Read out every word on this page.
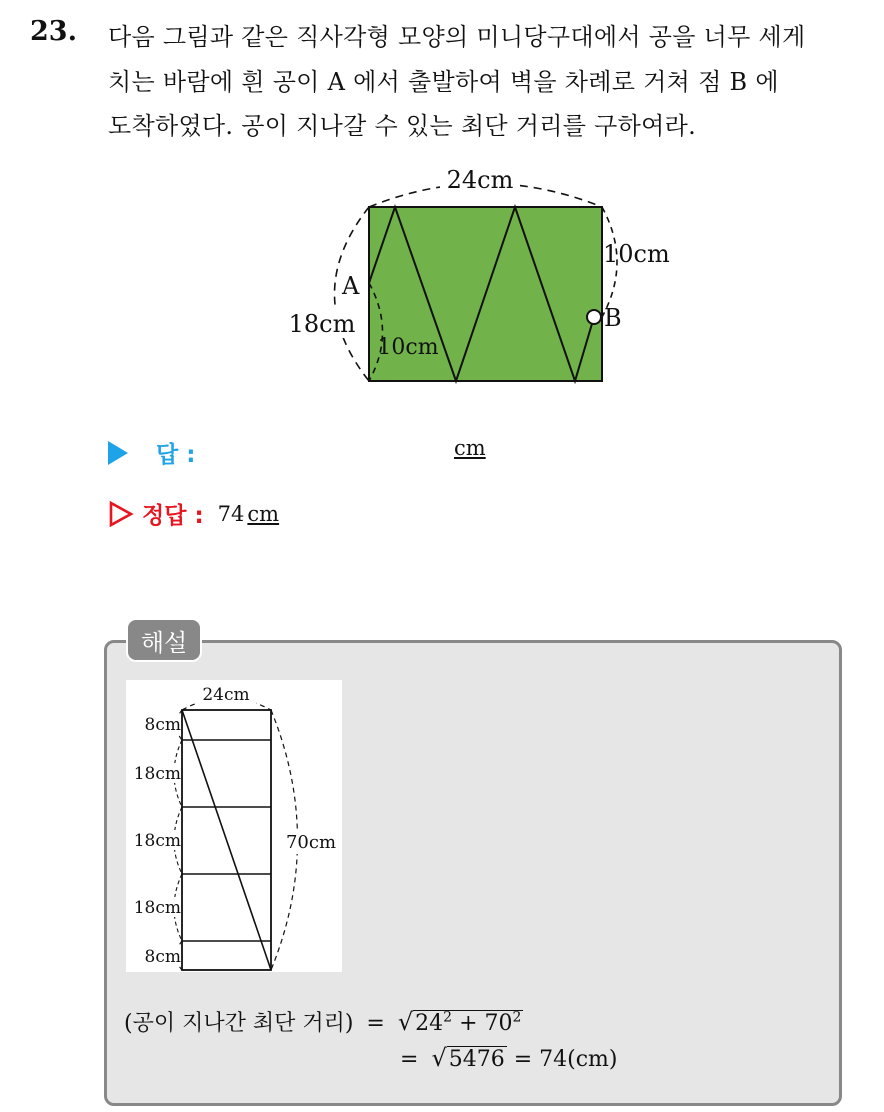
23. 다음 그림과 같은 직사각형 모양의 미니당구대에서 공을 너무 세게
치는 바람에 흰 공이 A 에서 출발하여 벽을 차례로 거쳐 점 B 에
도착하였다. 공이 지나갈 수 있는 최단 거리를 구하여라.
24cm
18cm
10cm
10cm
A
B
답 :	cm
정답 : 74 cm
해설
24cm
8cm
18cm
18cm
18cm
8cm
70cm
(공이 지나간 최단 거리) = $√24^2 + 70^2$
= √5476 = 74(cm)
